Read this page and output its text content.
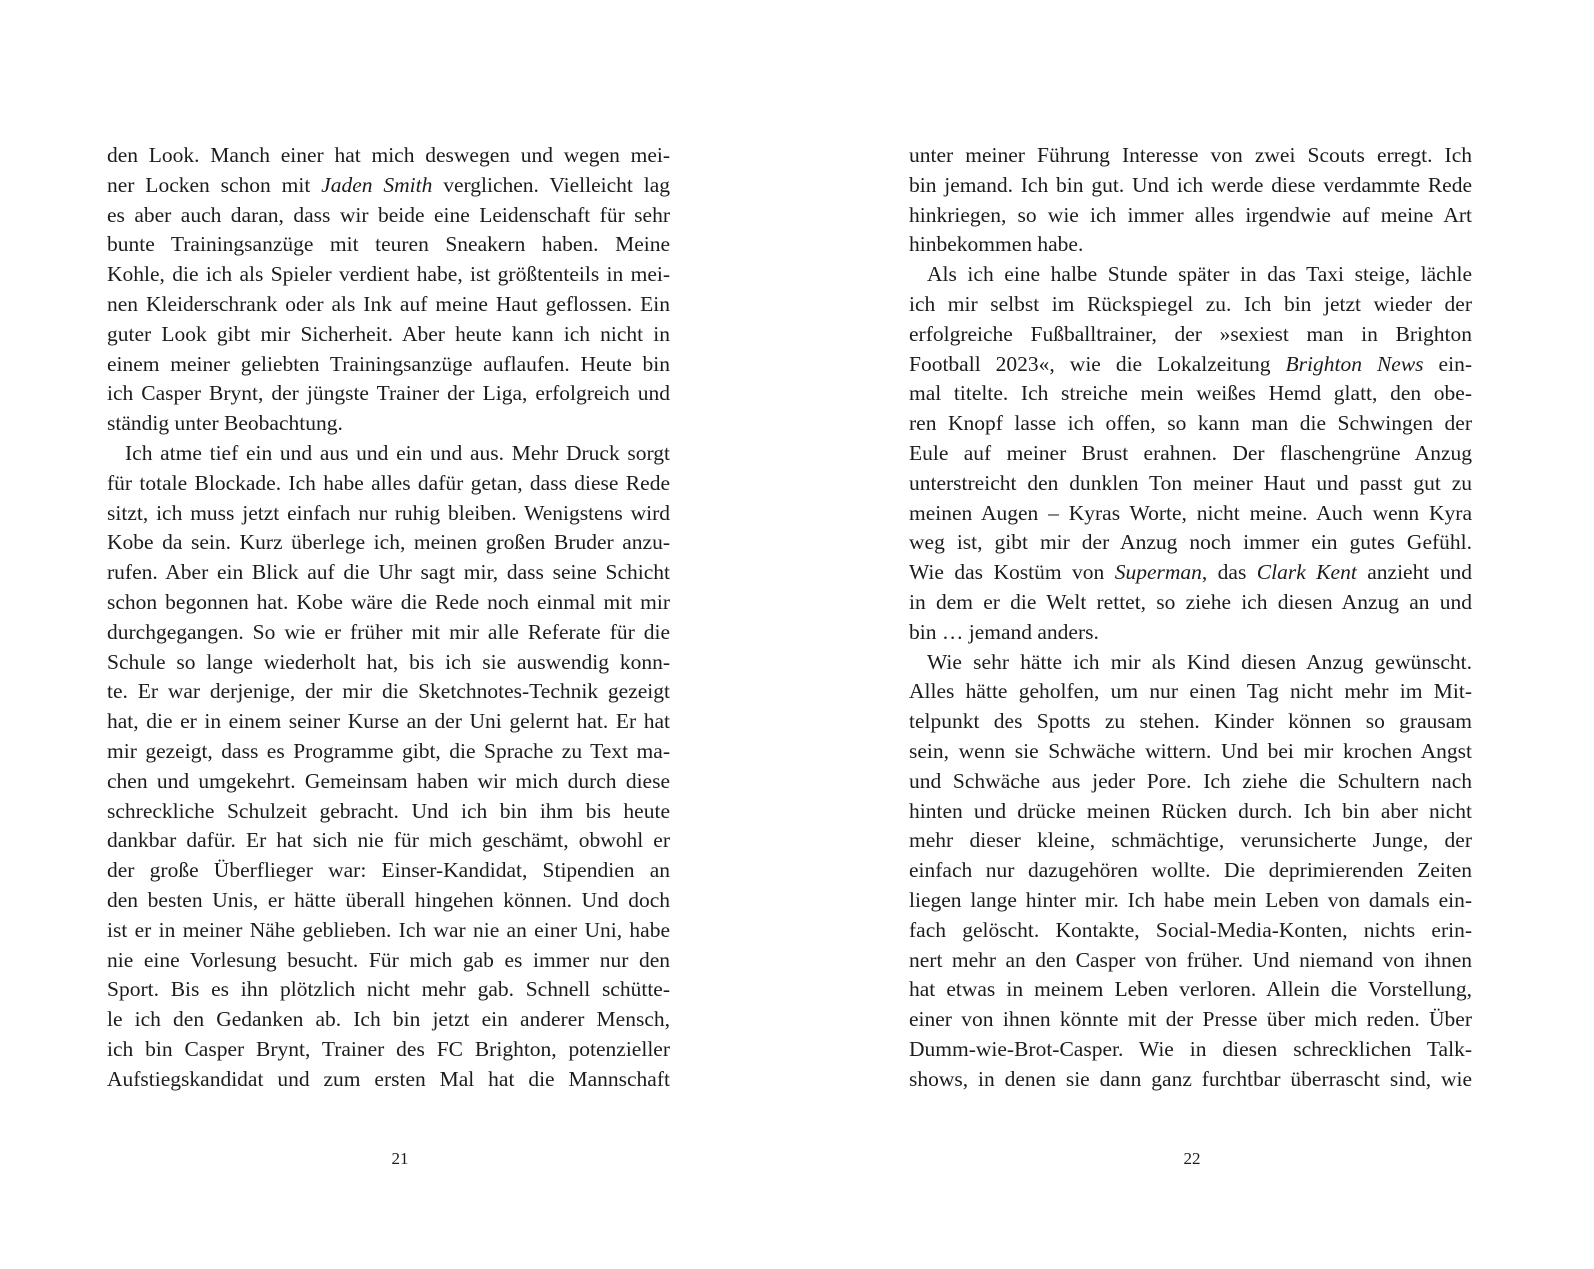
den Look. Manch einer hat mich deswegen und wegen mei-
ner Locken schon mit Jaden Smith verglichen. Vielleicht lag
es aber auch daran, dass wir beide eine Leidenschaft für sehr
bunte Trainingsanzüge mit teuren Sneakern haben. Meine
Kohle, die ich als Spieler verdient habe, ist größtenteils in mei-
nen Kleiderschrank oder als Ink auf meine Haut geflossen. Ein
guter Look gibt mir Sicherheit. Aber heute kann ich nicht in
einem meiner geliebten Trainingsanzüge auflaufen. Heute bin
ich Casper Brynt, der jüngste Trainer der Liga, erfolgreich und
ständig unter Beobachtung.
Ich atme tief ein und aus und ein und aus. Mehr Druck sorgt
für totale Blockade. Ich habe alles dafür getan, dass diese Rede
sitzt, ich muss jetzt einfach nur ruhig bleiben. Wenigstens wird
Kobe da sein. Kurz überlege ich, meinen großen Bruder anzu-
rufen. Aber ein Blick auf die Uhr sagt mir, dass seine Schicht
schon begonnen hat. Kobe wäre die Rede noch einmal mit mir
durchgegangen. So wie er früher mit mir alle Referate für die
Schule so lange wiederholt hat, bis ich sie auswendig konn-
te. Er war derjenige, der mir die Sketchnotes-Technik gezeigt
hat, die er in einem seiner Kurse an der Uni gelernt hat. Er hat
mir gezeigt, dass es Programme gibt, die Sprache zu Text ma-
chen und umgekehrt. Gemeinsam haben wir mich durch diese
schreckliche Schulzeit gebracht. Und ich bin ihm bis heute
dankbar dafür. Er hat sich nie für mich geschämt, obwohl er
der große Überflieger war: Einser-Kandidat, Stipendien an
den besten Unis, er hätte überall hingehen können. Und doch
ist er in meiner Nähe geblieben. Ich war nie an einer Uni, habe
nie eine Vorlesung besucht. Für mich gab es immer nur den
Sport. Bis es ihn plötzlich nicht mehr gab. Schnell schütte-
le ich den Gedanken ab. Ich bin jetzt ein anderer Mensch,
ich bin Casper Brynt, Trainer des FC Brighton, potenzieller
Aufstiegskandidat und zum ersten Mal hat die Mannschaft
21
unter meiner Führung Interesse von zwei Scouts erregt. Ich
bin jemand. Ich bin gut. Und ich werde diese verdammte Rede
hinkriegen, so wie ich immer alles irgendwie auf meine Art
hinbekommen habe.
Als ich eine halbe Stunde später in das Taxi steige, lächle
ich mir selbst im Rückspiegel zu. Ich bin jetzt wieder der
erfolgreiche Fußballtrainer, der »sexiest man in Brighton
Football 2023«, wie die Lokalzeitung Brighton News ein-
mal titelte. Ich streiche mein weißes Hemd glatt, den obe-
ren Knopf lasse ich offen, so kann man die Schwingen der
Eule auf meiner Brust erahnen. Der flaschengrüne Anzug
unterstreicht den dunklen Ton meiner Haut und passt gut zu
meinen Augen – Kyras Worte, nicht meine. Auch wenn Kyra
weg ist, gibt mir der Anzug noch immer ein gutes Gefühl.
Wie das Kostüm von Superman, das Clark Kent anzieht und
in dem er die Welt rettet, so ziehe ich diesen Anzug an und
bin … jemand anders.
Wie sehr hätte ich mir als Kind diesen Anzug gewünscht.
Alles hätte geholfen, um nur einen Tag nicht mehr im Mit-
telpunkt des Spotts zu stehen. Kinder können so grausam
sein, wenn sie Schwäche wittern. Und bei mir krochen Angst
und Schwäche aus jeder Pore. Ich ziehe die Schultern nach
hinten und drücke meinen Rücken durch. Ich bin aber nicht
mehr dieser kleine, schmächtige, verunsicherte Junge, der
einfach nur dazugehören wollte. Die deprimierenden Zeiten
liegen lange hinter mir. Ich habe mein Leben von damals ein-
fach gelöscht. Kontakte, Social-Media-Konten, nichts erin-
nert mehr an den Casper von früher. Und niemand von ihnen
hat etwas in meinem Leben verloren. Allein die Vorstellung,
einer von ihnen könnte mit der Presse über mich reden. Über
Dumm-wie-Brot-Casper. Wie in diesen schrecklichen Talk-
shows, in denen sie dann ganz furchtbar überrascht sind, wie
22
